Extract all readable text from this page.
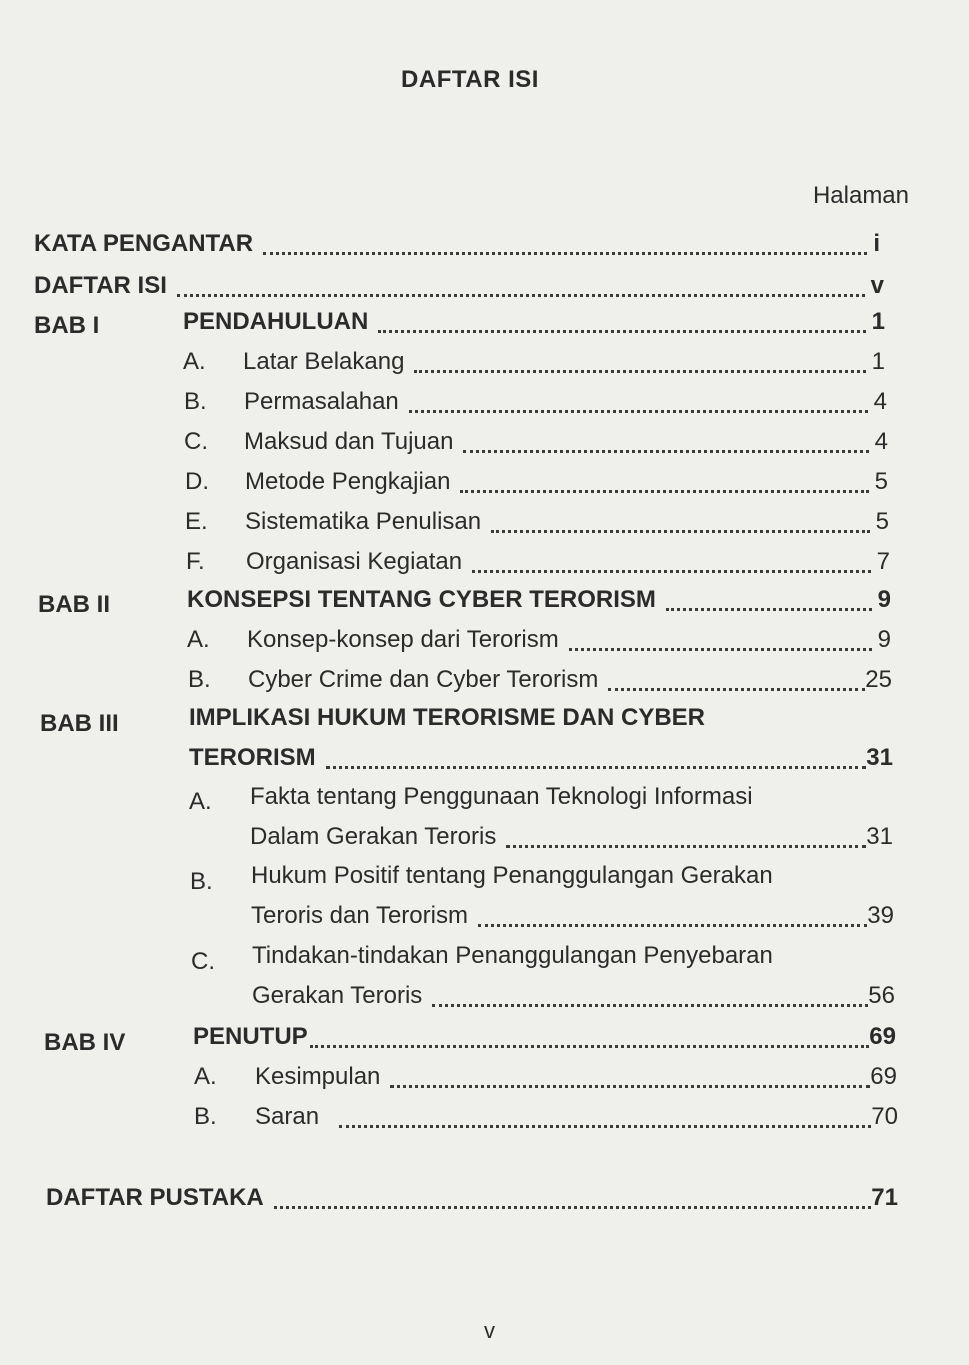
DAFTAR ISI
Halaman
KATA PENGANTAR	i
DAFTAR ISI	v
BAB I	PENDAHULUAN	1
A.	Latar Belakang	1
B.	Permasalahan	4
C.	Maksud dan Tujuan	4
D.	Metode Pengkajian	5
E.	Sistematika Penulisan	5
F.	Organisasi Kegiatan	7
BAB II	KONSEPSI TENTANG CYBER TERORISM	9
A.	Konsep-konsep dari Terorism	9
B.	Cyber Crime dan Cyber Terorism	25
BAB III	IMPLIKASI HUKUM TERORISME DAN CYBER
TERORISM	31
A. Fakta tentang Penggunaan Teknologi Informasi
Dalam Gerakan Teroris	31
B. Hukum Positif tentang Penanggulangan Gerakan
Teroris dan Terorism	39
C. Tindakan-tindakan Penanggulangan Penyebaran
Gerakan Teroris	56
BAB IV	PENUTUP	69
A.	Kesimpulan	69
B.	Saran	70
DAFTAR PUSTAKA	71
v
